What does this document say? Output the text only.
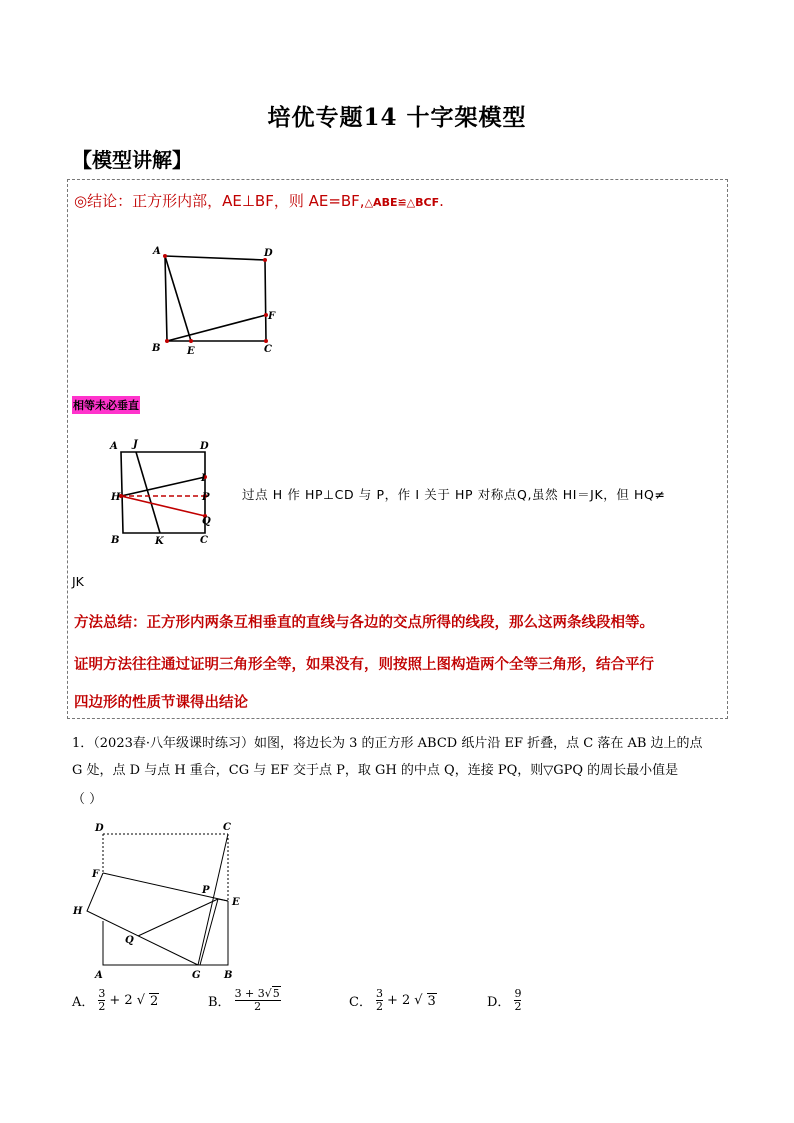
培优专题14 十字架模型
【模型讲解】
◎结论：正方形内部，AE⊥BF，则 AE=BF,△ABE≌△BCF.
A	D
B	E	C
F
相等未必垂直
A J	D
I
H	P
Q
B	K	C
过点 H 作 HP⊥CD 与 P，作 I 关于 HP 对称点Q,虽然 HI＝JK，但 HQ≠
JK
方法总结：正方形内两条互相垂直的直线与各边的交点所得的线段，那么这两条线段相等。
证明方法往往通过证明三角形全等，如果没有，则按照上图构造两个全等三角形，结合平行
四边形的性质节课得出结论
1．（2023春·八年级课时练习）如图，将边长为 3 的正方形 ABCD 纸片沿 EF 折叠，点 C 落在 AB 边上的点
G 处，点 D 与点 H 重合，CG 与 EF 交于点 P，取 GH 的中点 Q，连接 PQ，则▽GPQ 的周长最小值是
（ ）
D	C
F
P
E
H
Q
A	G B
A． $\frac{3}{2} + 2$ √ 2	B． $\frac{3 + 3√5}{2}$	C． $\frac{3}{2} + 2$ √ 3	D． $\frac{9}{2}$
